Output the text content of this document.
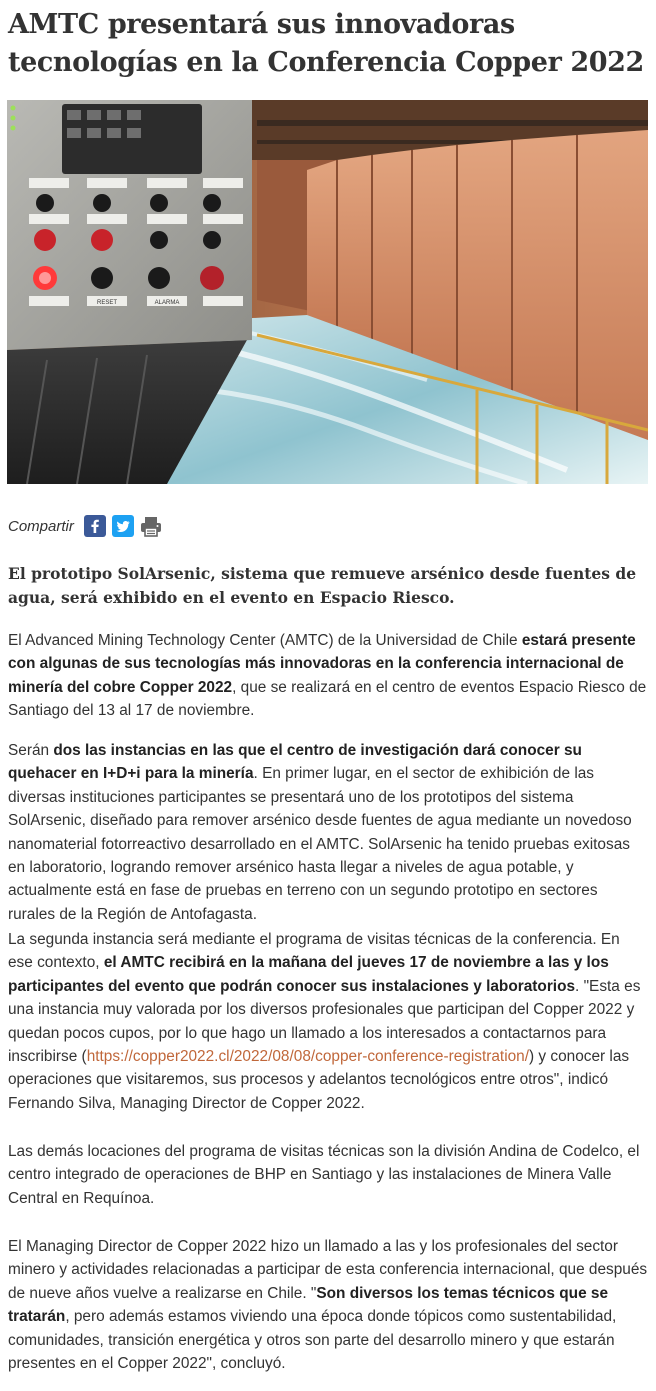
AMTC presentará sus innovadoras tecnologías en la Conferencia Copper 2022
RESET	ALARMA
Compartir

El prototipo SolArsenic, sistema que remueve arsénico desde fuentes de agua, será exhibido en el evento en Espacio Riesco.

El Advanced Mining Technology Center (AMTC) de la Universidad de Chile estará presente con algunas de sus tecnologías más innovadoras en la conferencia internacional de minería del cobre Copper 2022, que se realizará en el centro de eventos Espacio Riesco de Santiago del 13 al 17 de noviembre.

Serán dos las instancias en las que el centro de investigación dará conocer su quehacer en I+D+i para la minería. En primer lugar, en el sector de exhibición de las diversas instituciones participantes se presentará uno de los prototipos del sistema SolArsenic, diseñado para remover arsénico desde fuentes de agua mediante un novedoso nanomaterial fotorreactivo desarrollado en el AMTC. SolArsenic ha tenido pruebas exitosas en laboratorio, logrando remover arsénico hasta llegar a niveles de agua potable, y actualmente está en fase de pruebas en terreno con un segundo prototipo en sectores rurales de la Región de Antofagasta.

La segunda instancia será mediante el programa de visitas técnicas de la conferencia. En ese contexto, el AMTC recibirá en la mañana del jueves 17 de noviembre a las y los participantes del evento que podrán conocer sus instalaciones y laboratorios. "Esta es una instancia muy valorada por los diversos profesionales que participan del Copper 2022 y quedan pocos cupos, por lo que hago un llamado a los interesados a contactarnos para inscribirse (https://copper2022.cl/2022/08/08/copper-conference-registration/) y conocer las operaciones que visitaremos, sus procesos y adelantos tecnológicos entre otros", indicó Fernando Silva, Managing Director de Copper 2022.

Las demás locaciones del programa de visitas técnicas son la división Andina de Codelco, el centro integrado de operaciones de BHP en Santiago y las instalaciones de Minera Valle Central en Requínoa.

El Managing Director de Copper 2022 hizo un llamado a las y los profesionales del sector minero y actividades relacionadas a participar de esta conferencia internacional, que después de nueve años vuelve a realizarse en Chile. "Son diversos los temas técnicos que se tratarán, pero además estamos viviendo una época donde tópicos como sustentabilidad, comunidades, transición energética y otros son parte del desarrollo minero y que estarán presentes en el Copper 2022", concluyó.
